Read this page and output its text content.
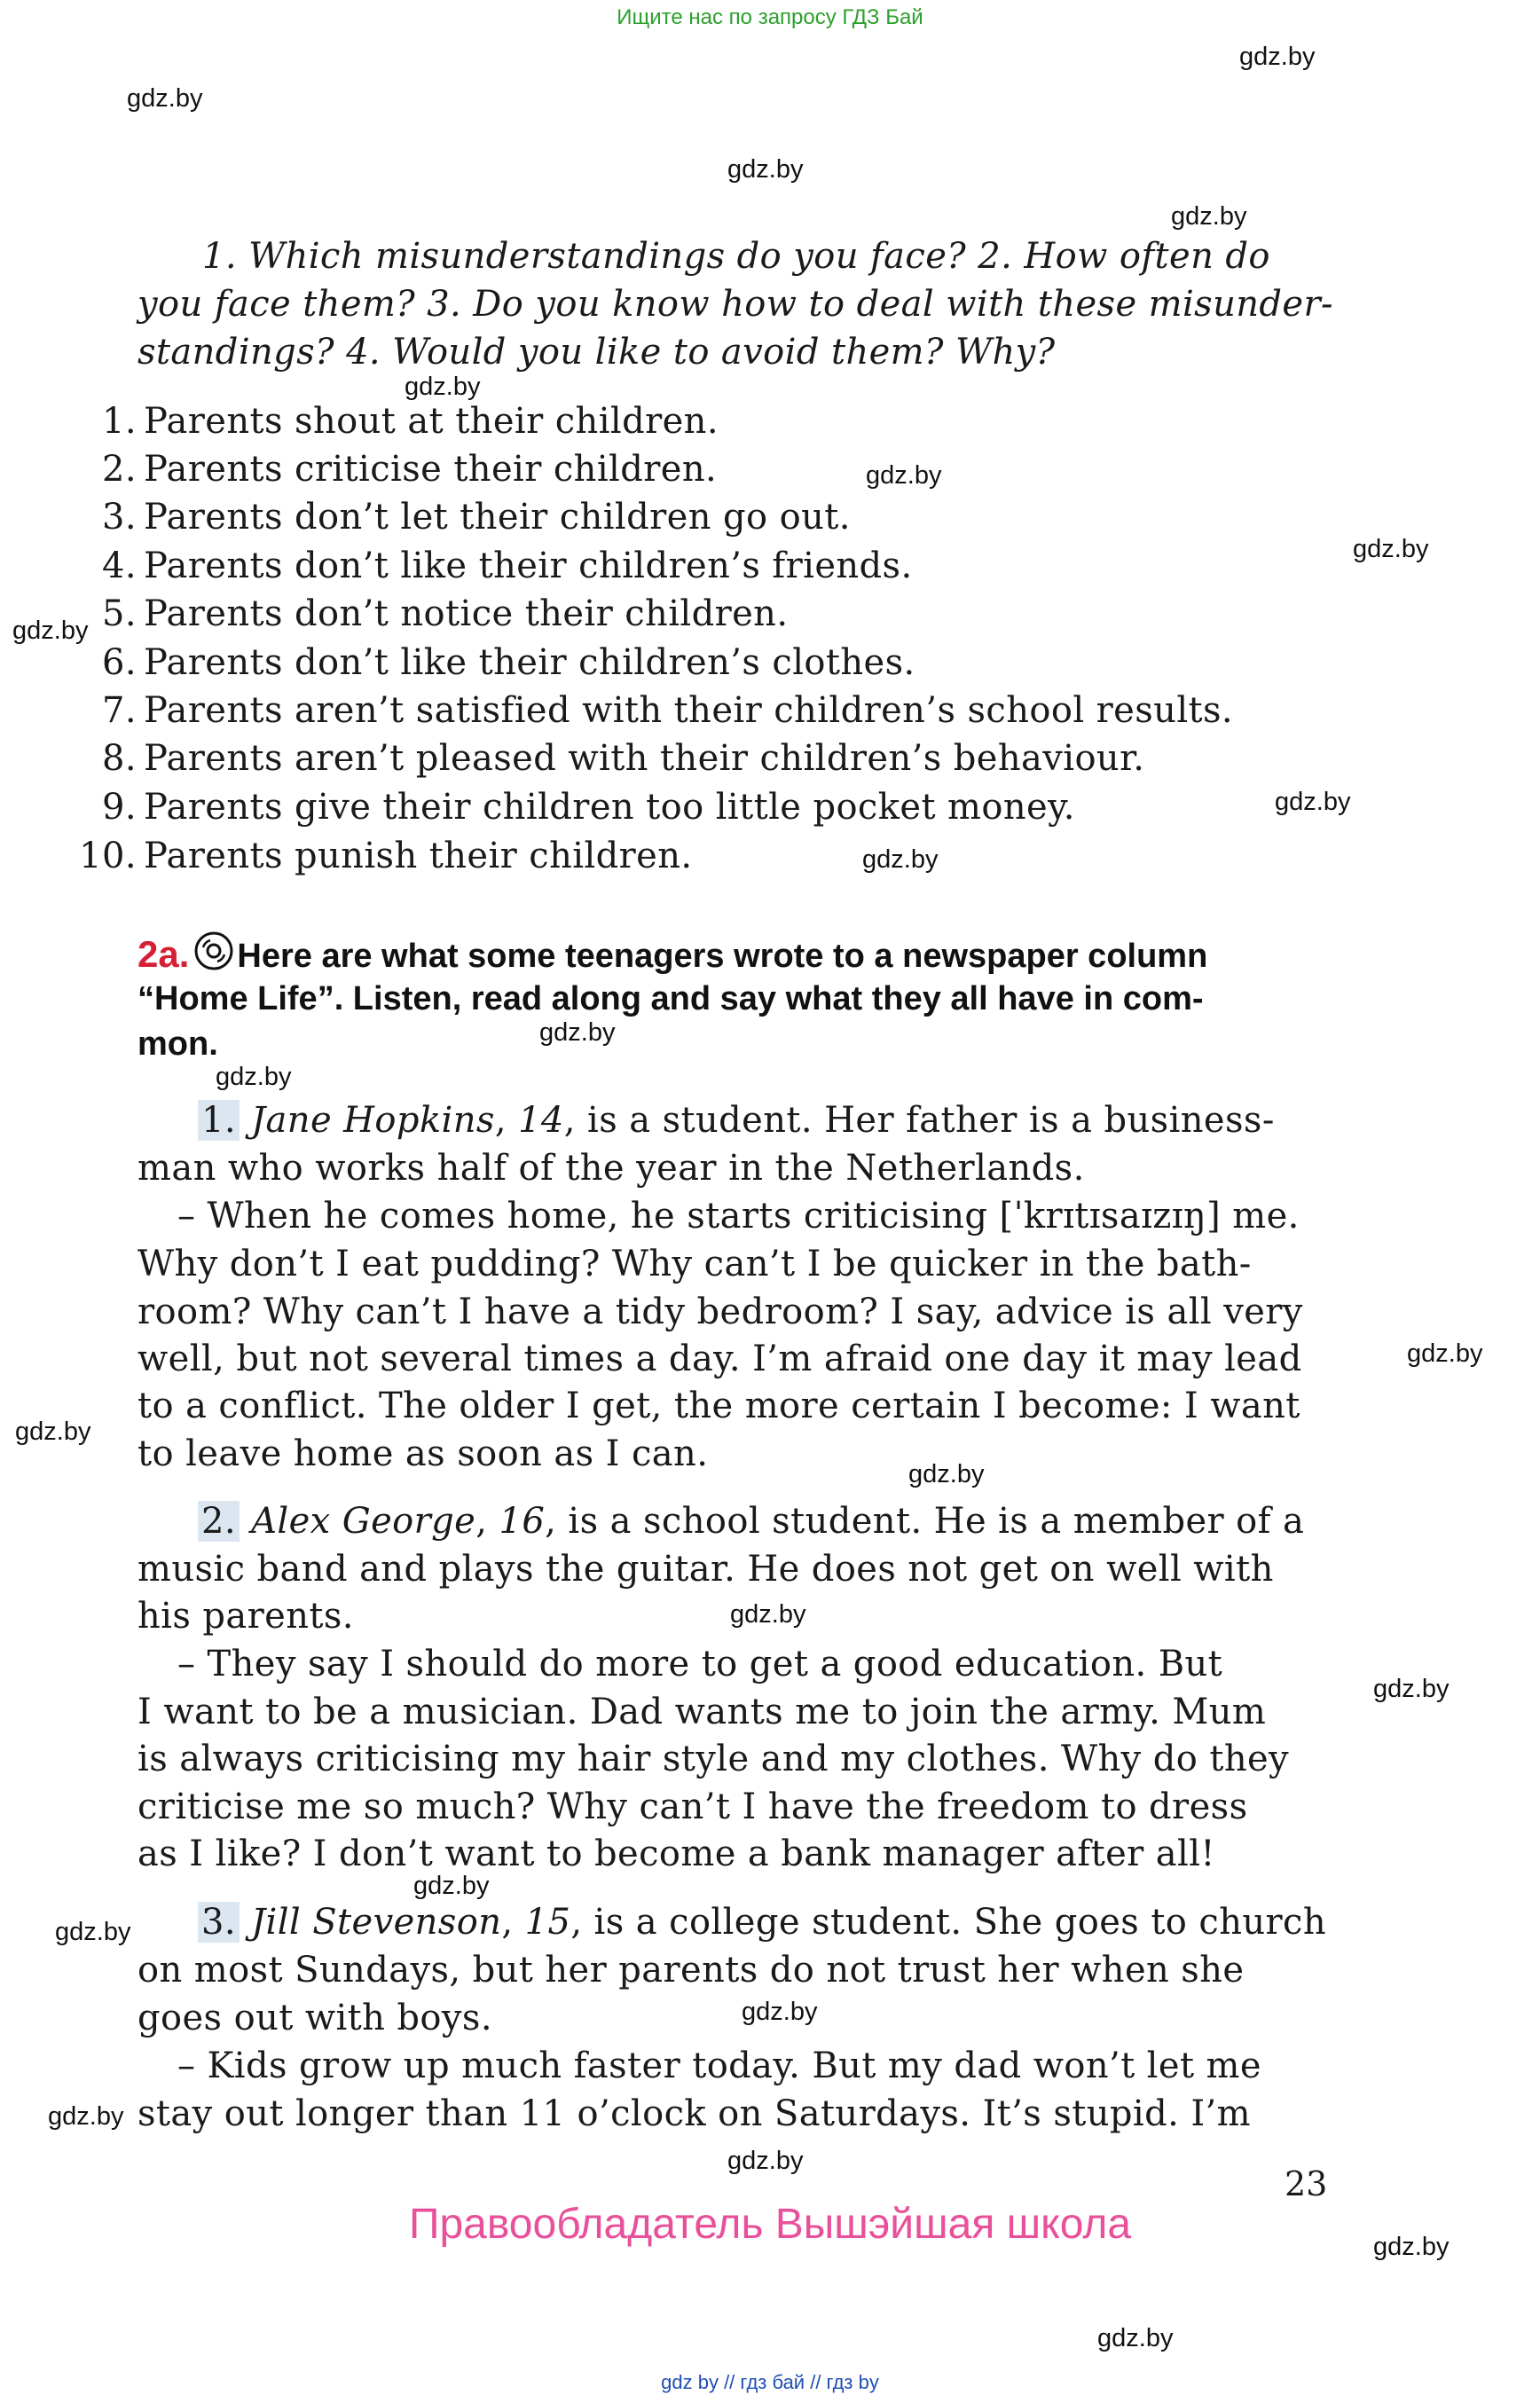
Ищите нас по запросу ГДЗ Бай
gdz.by
gdz.by
gdz.by
gdz.by
gdz.by
gdz.by
gdz.by
gdz.by
gdz.by
gdz.by
gdz.by
gdz.by
gdz.by
gdz.by
gdz.by
gdz.by
gdz.by
gdz.by
gdz.by
gdz.by
gdz.by
gdz.by
gdz.by
gdz.by
1. Which misunderstandings do you face? 2. How often do
you face them? 3. Do you know how to deal with these misunder-
standings? 4. Would you like to avoid them? Why?
1. Parents shout at their children.
2. Parents criticise their children.
3. Parents don’t let their children go out.
4. Parents don’t like their children’s friends.
5. Parents don’t notice their children.
6. Parents don’t like their children’s clothes.
7. Parents aren’t satisfied with their children’s school results.
8. Parents aren’t pleased with their children’s behaviour.
9. Parents give their children too little pocket money.
10. Parents punish their children.
2a. Here are what some teenagers wrote to a newspaper column
“Home Life”. Listen, read along and say what they all have in com-
mon.
1. Jane Hopkins, 14, is a student. Her father is a business-
man who works half of the year in the Netherlands.
– When he comes home, he starts criticising [ˈkrɪtɪsaɪzɪŋ] me.
Why don’t I eat pudding? Why can’t I be quicker in the bath-
room? Why can’t I have a tidy bedroom? I say, advice is all very
well, but not several times a day. I’m afraid one day it may lead
to a conflict. The older I get, the more certain I become: I want
to leave home as soon as I can.
2. Alex George, 16, is a school student. He is a member of a
music band and plays the guitar. He does not get on well with
his parents.
– They say I should do more to get a good education. But
I want to be a musician. Dad wants me to join the army. Mum
is always criticising my hair style and my clothes. Why do they
criticise me so much? Why can’t I have the freedom to dress
as I like? I don’t want to become a bank manager after all!
3. Jill Stevenson, 15, is a college student. She goes to church
on most Sundays, but her parents do not trust her when she
goes out with boys.
– Kids grow up much faster today. But my dad won’t let me
stay out longer than 11 o’clock on Saturdays. It’s stupid. I’m
23
Правообладатель Вышэйшая школа
gdz by // гдз бай // гдз by
